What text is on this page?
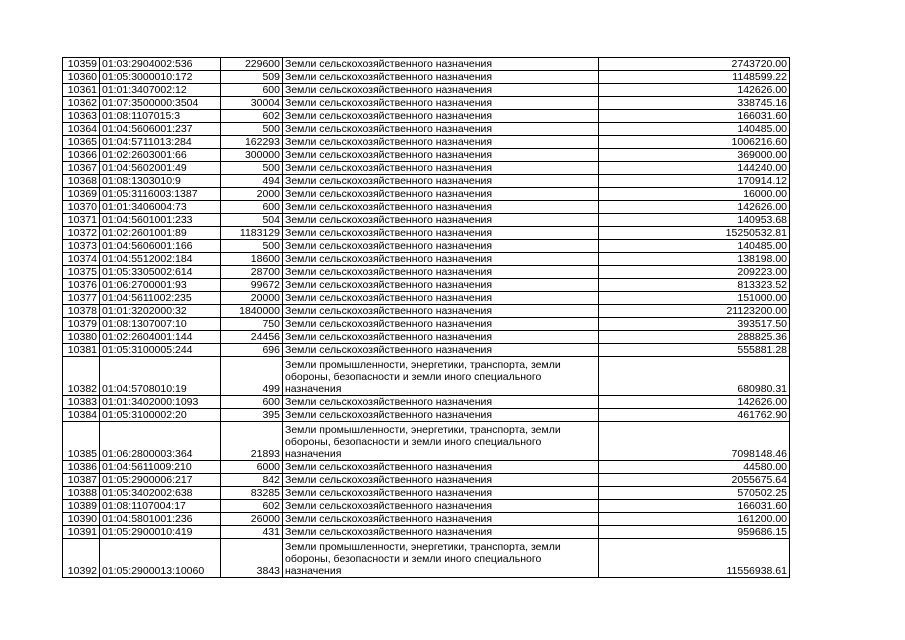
10359	01:03:2904002:536	229600	Земли сельскохозяйственного назначения	2743720.00
10360	01:05:3000010:172	509	Земли сельскохозяйственного назначения	1148599.22
10361	01:01:3407002:12	600	Земли сельскохозяйственного назначения	142626.00
10362	01:07:3500000:3504	30004	Земли сельскохозяйственного назначения	338745.16
10363	01:08:1107015:3	602	Земли сельскохозяйственного назначения	166031.60
10364	01:04:5606001:237	500	Земли сельскохозяйственного назначения	140485.00
10365	01:04:5711013:284	162293	Земли сельскохозяйственного назначения	1006216.60
10366	01:02:2603001:66	300000	Земли сельскохозяйственного назначения	369000.00
10367	01:04:5602001:49	500	Земли сельскохозяйственного назначения	144240.00
10368	01:08:1303010:9	494	Земли сельскохозяйственного назначения	170914.12
10369	01:05:3116003:1387	2000	Земли сельскохозяйственного назначения	16000.00
10370	01:01:3406004:73	600	Земли сельскохозяйственного назначения	142626.00
10371	01:04:5601001:233	504	Земли сельскохозяйственного назначения	140953.68
10372	01:02:2601001:89	1183129	Земли сельскохозяйственного назначения	15250532.81
10373	01:04:5606001:166	500	Земли сельскохозяйственного назначения	140485.00
10374	01:04:5512002:184	18600	Земли сельскохозяйственного назначения	138198.00
10375	01:05:3305002:614	28700	Земли сельскохозяйственного назначения	209223.00
10376	01:06:2700001:93	99672	Земли сельскохозяйственного назначения	813323.52
10377	01:04:5611002:235	20000	Земли сельскохозяйственного назначения	151000.00
10378	01:01:3202000:32	1840000	Земли сельскохозяйственного назначения	21123200.00
10379	01:08:1307007:10	750	Земли сельскохозяйственного назначения	393517.50
10380	01:02:2604001:144	24456	Земли сельскохозяйственного назначения	288825.36
10381	01:05:3100005:244	696	Земли сельскохозяйственного назначения	555881.28
10382	01:04:5708010:19	499	Земли промышленности, энергетики, транспорта, земли обороны, безопасности и земли иного специального назначения	680980.31
10383	01:01:3402000:1093	600	Земли сельскохозяйственного назначения	142626.00
10384	01:05:3100002:20	395	Земли сельскохозяйственного назначения	461762.90
10385	01:06:2800003:364	21893	Земли промышленности, энергетики, транспорта, земли обороны, безопасности и земли иного специального назначения	7098148.46
10386	01:04:5611009:210	6000	Земли сельскохозяйственного назначения	44580.00
10387	01:05:2900006:217	842	Земли сельскохозяйственного назначения	2055675.64
10388	01:05:3402002:638	83285	Земли сельскохозяйственного назначения	570502.25
10389	01:08:1107004:17	602	Земли сельскохозяйственного назначения	166031.60
10390	01:04:5801001:236	26000	Земли сельскохозяйственного назначения	161200.00
10391	01:05:2900010:419	431	Земли сельскохозяйственного назначения	959686.15
10392	01:05:2900013:10060	3843	Земли промышленности, энергетики, транспорта, земли обороны, безопасности и земли иного специального назначения	11556938.61
